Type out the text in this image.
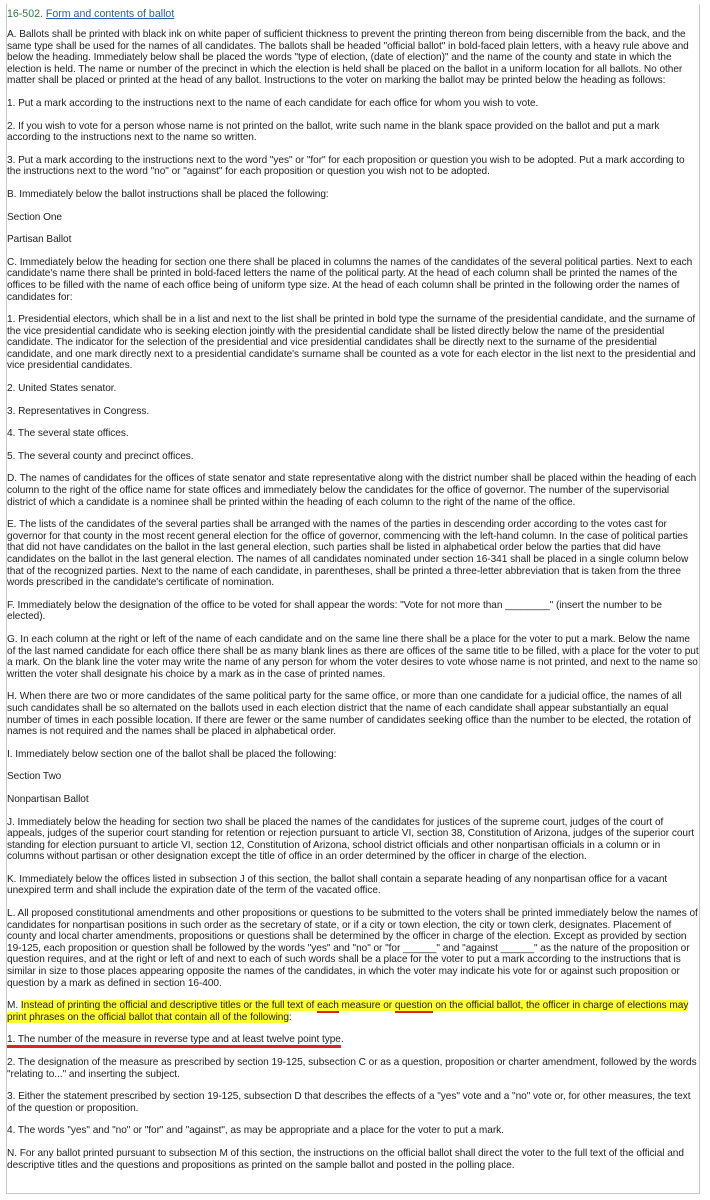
16-502. Form and contents of ballot

A. Ballots shall be printed with black ink on white paper of sufficient thickness to prevent the printing thereon from being discernible from the back, and the same type shall be used for the names of all candidates. The ballots shall be headed "official ballot" in bold-faced plain letters, with a heavy rule above and below the heading. Immediately below shall be placed the words "type of election, (date of election)" and the name of the county and state in which the election is held. The name or number of the precinct in which the election is held shall be placed on the ballot in a uniform location for all ballots. No other matter shall be placed or printed at the head of any ballot. Instructions to the voter on marking the ballot may be printed below the heading as follows:

1. Put a mark according to the instructions next to the name of each candidate for each office for whom you wish to vote.

2. If you wish to vote for a person whose name is not printed on the ballot, write such name in the blank space provided on the ballot and put a mark according to the instructions next to the name so written.

3. Put a mark according to the instructions next to the word "yes" or "for" for each proposition or question you wish to be adopted. Put a mark according to the instructions next to the word "no" or "against" for each proposition or question you wish not to be adopted.

B. Immediately below the ballot instructions shall be placed the following:

Section One

Partisan Ballot

C. Immediately below the heading for section one there shall be placed in columns the names of the candidates of the several political parties. Next to each candidate's name there shall be printed in bold-faced letters the name of the political party. At the head of each column shall be printed the names of the offices to be filled with the name of each office being of uniform type size. At the head of each column shall be printed in the following order the names of candidates for:

1. Presidential electors, which shall be in a list and next to the list shall be printed in bold type the surname of the presidential candidate, and the surname of the vice presidential candidate who is seeking election jointly with the presidential candidate shall be listed directly below the name of the presidential candidate. The indicator for the selection of the presidential and vice presidential candidates shall be directly next to the surname of the presidential candidate, and one mark directly next to a presidential candidate's surname shall be counted as a vote for each elector in the list next to the presidential and vice presidential candidates.

2. United States senator.

3. Representatives in Congress.

4. The several state offices.

5. The several county and precinct offices.

D. The names of candidates for the offices of state senator and state representative along with the district number shall be placed within the heading of each column to the right of the office name for state offices and immediately below the candidates for the office of governor. The number of the supervisorial district of which a candidate is a nominee shall be printed within the heading of each column to the right of the name of the office.

E. The lists of the candidates of the several parties shall be arranged with the names of the parties in descending order according to the votes cast for governor for that county in the most recent general election for the office of governor, commencing with the left-hand column. In the case of political parties that did not have candidates on the ballot in the last general election, such parties shall be listed in alphabetical order below the parties that did have candidates on the ballot in the last general election. The names of all candidates nominated under section 16-341 shall be placed in a single column below that of the recognized parties. Next to the name of each candidate, in parentheses, shall be printed a three-letter abbreviation that is taken from the three words prescribed in the candidate's certificate of nomination.

F. Immediately below the designation of the office to be voted for shall appear the words: "Vote for not more than ________" (insert the number to be elected).

G. In each column at the right or left of the name of each candidate and on the same line there shall be a place for the voter to put a mark. Below the name of the last named candidate for each office there shall be as many blank lines as there are offices of the same title to be filled, with a place for the voter to put a mark. On the blank line the voter may write the name of any person for whom the voter desires to vote whose name is not printed, and next to the name so written the voter shall designate his choice by a mark as in the case of printed names.

H. When there are two or more candidates of the same political party for the same office, or more than one candidate for a judicial office, the names of all such candidates shall be so alternated on the ballots used in each election district that the name of each candidate shall appear substantially an equal number of times in each possible location. If there are fewer or the same number of candidates seeking office than the number to be elected, the rotation of names is not required and the names shall be placed in alphabetical order.

I. Immediately below section one of the ballot shall be placed the following:

Section Two

Nonpartisan Ballot

J. Immediately below the heading for section two shall be placed the names of the candidates for justices of the supreme court, judges of the court of appeals, judges of the superior court standing for retention or rejection pursuant to article VI, section 38, Constitution of Arizona, judges of the superior court standing for election pursuant to article VI, section 12, Constitution of Arizona, school district officials and other nonpartisan officials in a column or in columns without partisan or other designation except the title of office in an order determined by the officer in charge of the election.

K. Immediately below the offices listed in subsection J of this section, the ballot shall contain a separate heading of any nonpartisan office for a vacant unexpired term and shall include the expiration date of the term of the vacated office.

L. All proposed constitutional amendments and other propositions or questions to be submitted to the voters shall be printed immediately below the names of candidates for nonpartisan positions in such order as the secretary of state, or if a city or town election, the city or town clerk, designates. Placement of county and local charter amendments, propositions or questions shall be determined by the officer in charge of the election. Except as provided by section 19-125, each proposition or question shall be followed by the words "yes" and "no" or "for ______" and "against ______" as the nature of the proposition or question requires, and at the right or left of and next to each of such words shall be a place for the voter to put a mark according to the instructions that is similar in size to those places appearing opposite the names of the candidates, in which the voter may indicate his vote for or against such proposition or question by a mark as defined in section 16-400.

M. Instead of printing the official and descriptive titles or the full text of each measure or question on the official ballot, the officer in charge of elections may print phrases on the official ballot that contain all of the following:

1. The number of the measure in reverse type and at least twelve point type.

2. The designation of the measure as prescribed by section 19-125, subsection C or as a question, proposition or charter amendment, followed by the words "relating to..." and inserting the subject.

3. Either the statement prescribed by section 19-125, subsection D that describes the effects of a "yes" vote and a "no" vote or, for other measures, the text of the question or proposition.

4. The words "yes" and "no" or "for" and "against", as may be appropriate and a place for the voter to put a mark.

N. For any ballot printed pursuant to subsection M of this section, the instructions on the official ballot shall direct the voter to the full text of the official and descriptive titles and the questions and propositions as printed on the sample ballot and posted in the polling place.
